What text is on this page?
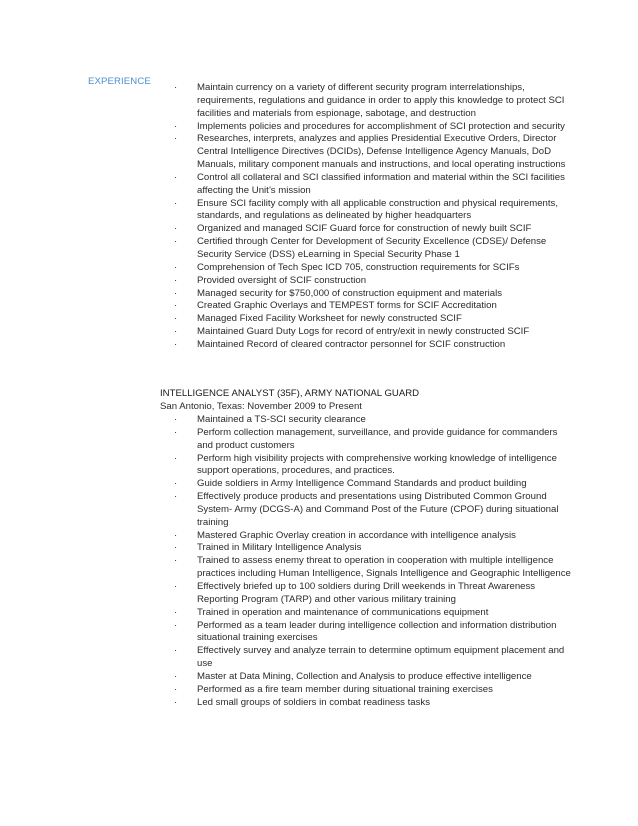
EXPERIENCE
· Maintain currency on a variety of different security program interrelationships, requirements, regulations and guidance in order to apply this knowledge to protect SCI facilities and materials from espionage, sabotage, and destruction
· Implements policies and procedures for accomplishment of SCI protection and security
· Researches, interprets, analyzes and applies Presidential Executive Orders, Director Central Intelligence Directives (DCIDs), Defense Intelligence Agency Manuals, DoD Manuals, military component manuals and instructions, and local operating instructions
· Control all collateral and SCI classified information and material within the SCI facilities affecting the Unit’s mission
· Ensure SCI facility comply with all applicable construction and physical requirements, standards, and regulations as delineated by higher headquarters
· Organized and managed SCIF Guard force for construction of newly built SCIF
· Certified through Center for Development of Security Excellence (CDSE)/ Defense Security Service (DSS) eLearning in Special Security Phase 1
· Comprehension of Tech Spec ICD 705, construction requirements for SCIFs
· Provided oversight of SCIF construction
· Managed security for $750,000 of construction equipment and materials
· Created Graphic Overlays and TEMPEST forms for SCIF Accreditation
· Managed Fixed Facility Worksheet for newly constructed SCIF
· Maintained Guard Duty Logs for record of entry/exit in newly constructed SCIF
· Maintained Record of cleared contractor personnel for SCIF construction
INTELLIGENCE ANALYST (35F), ARMY NATIONAL GUARD
San Antonio, Texas: November 2009 to Present
· Maintained a TS-SCI security clearance
· Perform collection management, surveillance, and provide guidance for commanders and product customers
· Perform high visibility projects with comprehensive working knowledge of intelligence support operations, procedures, and practices.
· Guide soldiers in Army Intelligence Command Standards and product building
· Effectively produce products and presentations using Distributed Common Ground System- Army (DCGS-A) and Command Post of the Future (CPOF) during situational training
· Mastered Graphic Overlay creation in accordance with intelligence analysis
· Trained in Military Intelligence Analysis
· Trained to assess enemy threat to operation in cooperation with multiple intelligence practices including Human Intelligence, Signals Intelligence and Geographic Intelligence
· Effectively briefed up to 100 soldiers during Drill weekends in Threat Awareness Reporting Program (TARP) and other various military training
· Trained in operation and maintenance of communications equipment
· Performed as a team leader during intelligence collection and information distribution situational training exercises
· Effectively survey and analyze terrain to determine optimum equipment placement and use
· Master at Data Mining, Collection and Analysis to produce effective intelligence
· Performed as a fire team member during situational training exercises
· Led small groups of soldiers in combat readiness tasks
